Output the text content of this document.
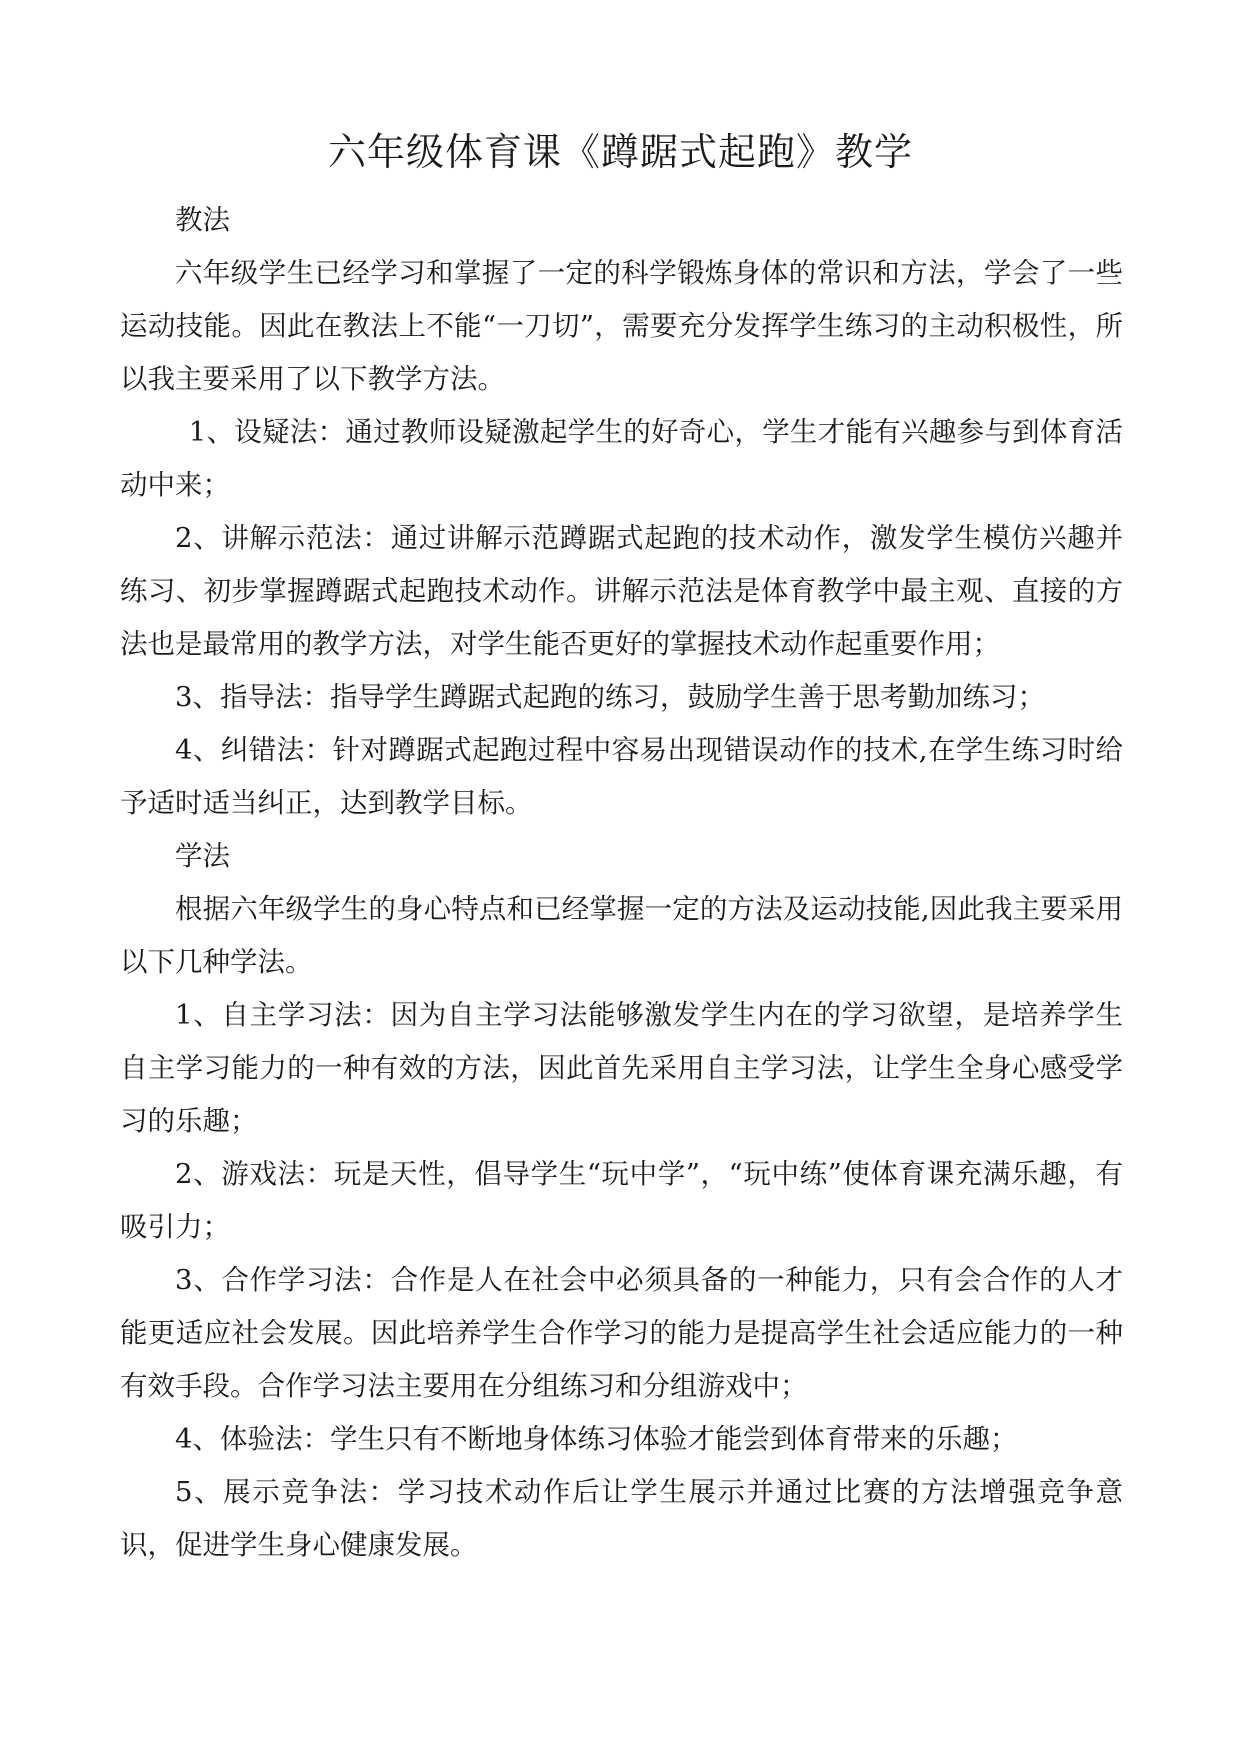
六年级体育课《蹲踞式起跑》教学

教法

六年级学生已经学习和掌握了一定的科学锻炼身体的常识和方法，学会了一些运动技能。因此在教法上不能“一刀切”，需要充分发挥学生练习的主动积极性，所以我主要采用了以下教学方法。

1、设疑法：通过教师设疑激起学生的好奇心，学生才能有兴趣参与到体育活动中来；

2、讲解示范法：通过讲解示范蹲踞式起跑的技术动作，激发学生模仿兴趣并练习、初步掌握蹲踞式起跑技术动作。讲解示范法是体育教学中最主观、直接的方法也是最常用的教学方法，对学生能否更好的掌握技术动作起重要作用；

3、指导法：指导学生蹲踞式起跑的练习，鼓励学生善于思考勤加练习；

4、纠错法：针对蹲踞式起跑过程中容易出现错误动作的技术,在学生练习时给予适时适当纠正，达到教学目标。

学法

根据六年级学生的身心特点和已经掌握一定的方法及运动技能,因此我主要采用以下几种学法。

1、自主学习法：因为自主学习法能够激发学生内在的学习欲望，是培养学生自主学习能力的一种有效的方法，因此首先采用自主学习法，让学生全身心感受学习的乐趣；

2、游戏法：玩是天性，倡导学生“玩中学”，“玩中练”使体育课充满乐趣，有吸引力；

3、合作学习法：合作是人在社会中必须具备的一种能力，只有会合作的人才能更适应社会发展。因此培养学生合作学习的能力是提高学生社会适应能力的一种有效手段。合作学习法主要用在分组练习和分组游戏中；

4、体验法：学生只有不断地身体练习体验才能尝到体育带来的乐趣；

5、展示竞争法：学习技术动作后让学生展示并通过比赛的方法增强竞争意识，促进学生身心健康发展。
